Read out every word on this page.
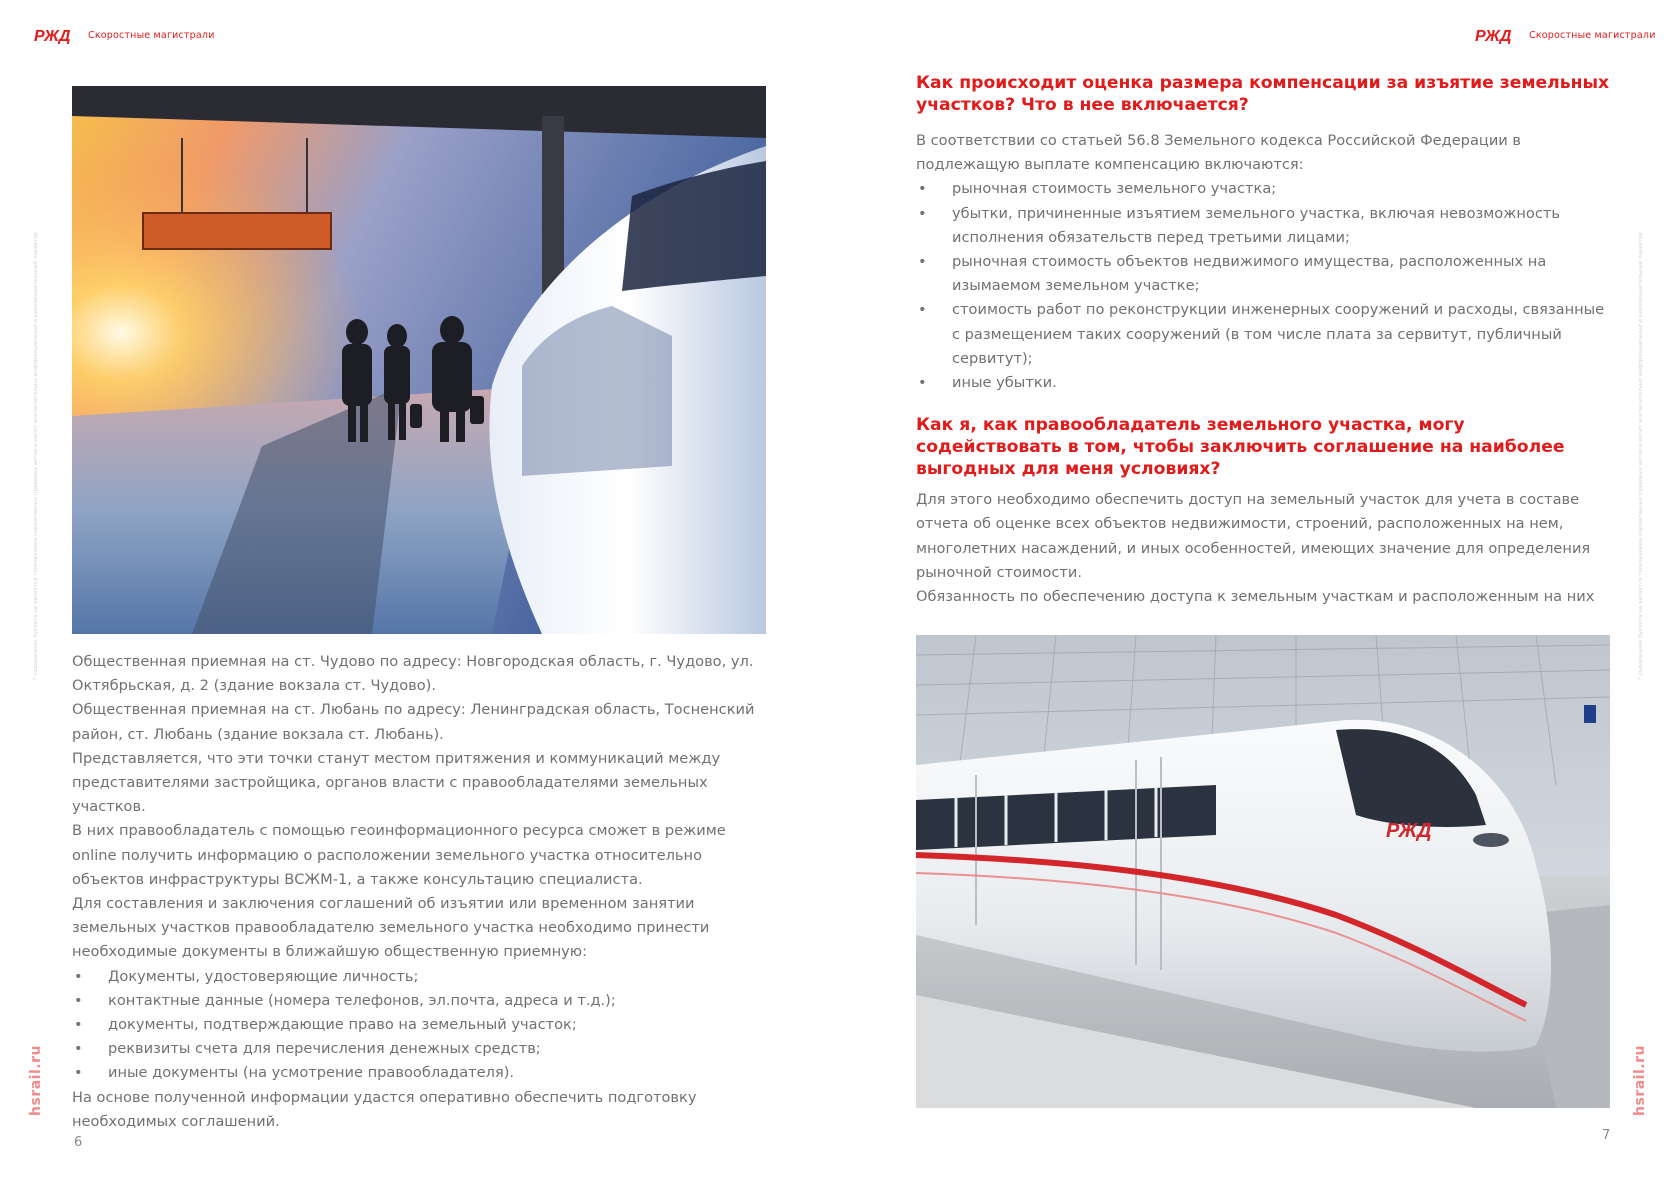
РЖД Скоростные магистрали	РЖД Скоростные магистрали
* содержание буклета не является толкованием нормативных правовых актов и носит исключительно информационный и рекомендательный характер
hsrail.ru
* содержание буклета не является толкованием нормативных правовых актов и носит исключительно информационный и рекомендательный характер
hsrail.ru

Общественная приемная на ст. Чудово по адресу: Новгородская область, г. Чудово, ул. Октябрьская, д. 2 (здание вокзала ст. Чудово).

Общественная приемная на ст. Любань по адресу: Ленинградская область, Тосненский район, ст. Любань (здание вокзала ст. Любань).

Представляется, что эти точки станут местом притяжения и коммуникаций между представителями застройщика, органов власти с правообладателями земельных участков.

В них правообладатель с помощью геоинформационного ресурса сможет в режиме online получить информацию о расположении земельного участка относительно объектов инфраструктуры ВСЖМ-1, а также консультацию специалиста.

Для составления и заключения соглашений об изъятии или временном занятии земельных участков правообладателю земельного участка необходимо принести необходимые документы в ближайшую общественную приемную:

• Документы, удостоверяющие личность;
• контактные данные (номера телефонов, эл.почта, адреса и т.д.);
• документы, подтверждающие право на земельный участок;
• реквизиты счета для перечисления денежных средств;
• иные документы (на усмотрение правообладателя).

На основе полученной информации удастся оперативно обеспечить подготовку необходимых соглашений.

6

Как происходит оценка размера компенсации за изъятие земельных участков? Что в нее включается?

В соответствии со статьей 56.8 Земельного кодекса Российской Федерации в подлежащую выплате компенсацию включаются:

• рыночная стоимость земельного участка;
• убытки, причиненные изъятием земельного участка, включая невозможность исполнения обязательств перед третьими лицами;
• рыночная стоимость объектов недвижимого имущества, расположенных на изымаемом земельном участке;
• стоимость работ по реконструкции инженерных сооружений и расходы, связанные с размещением таких сооружений (в том числе плата за сервитут, публичный сервитут);
• иные убытки.

Как я, как правообладатель земельного участка, могу содействовать в том, чтобы заключить соглашение на наиболее выгодных для меня условиях?

Для этого необходимо обеспечить доступ на земельный участок для учета в составе отчета об оценке всех объектов недвижимости, строений, расположенных на нем, многолетних насаждений, и иных особенностей, имеющих значение для определения рыночной стоимости.

Обязанность по обеспечению доступа к земельным участкам и расположенным на них

РЖД
7
